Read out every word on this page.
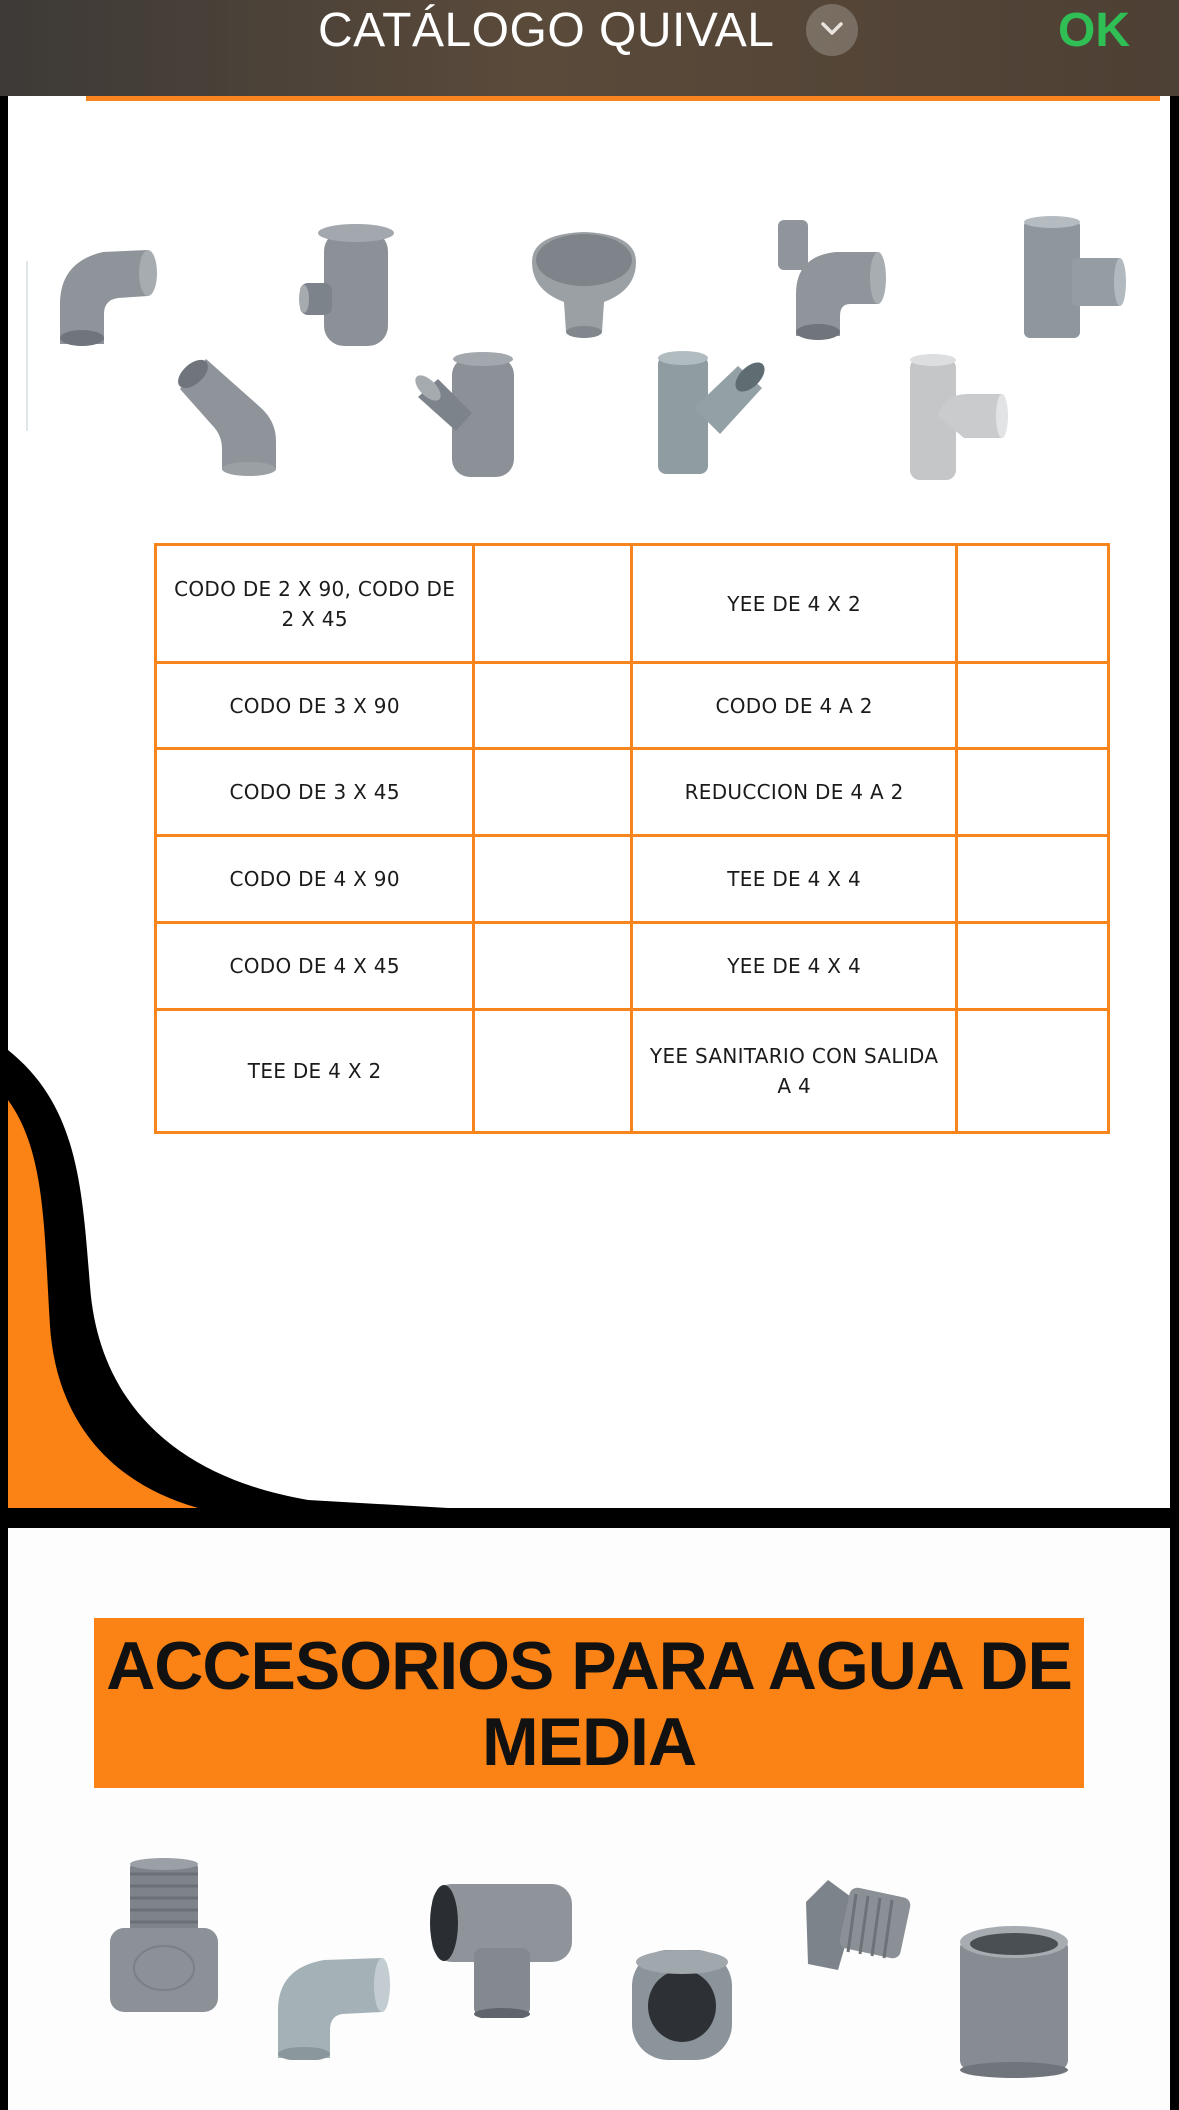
CATÁLOGO QUIVAL	OK
CODO DE 2 X 90, CODO DE 2 X 45		YEE DE 4 X 2	
CODO DE 3 X 90		CODO DE 4 A 2	
CODO DE 3 X 45		REDUCCION DE 4 A 2	
CODO DE 4 X 90		TEE DE 4 X 4	
CODO DE 4 X 45		YEE DE 4 X 4	
TEE DE 4 X 2		YEE SANITARIO CON SALIDA A 4	
ACCESORIOS PARA AGUA DE MEDIA
